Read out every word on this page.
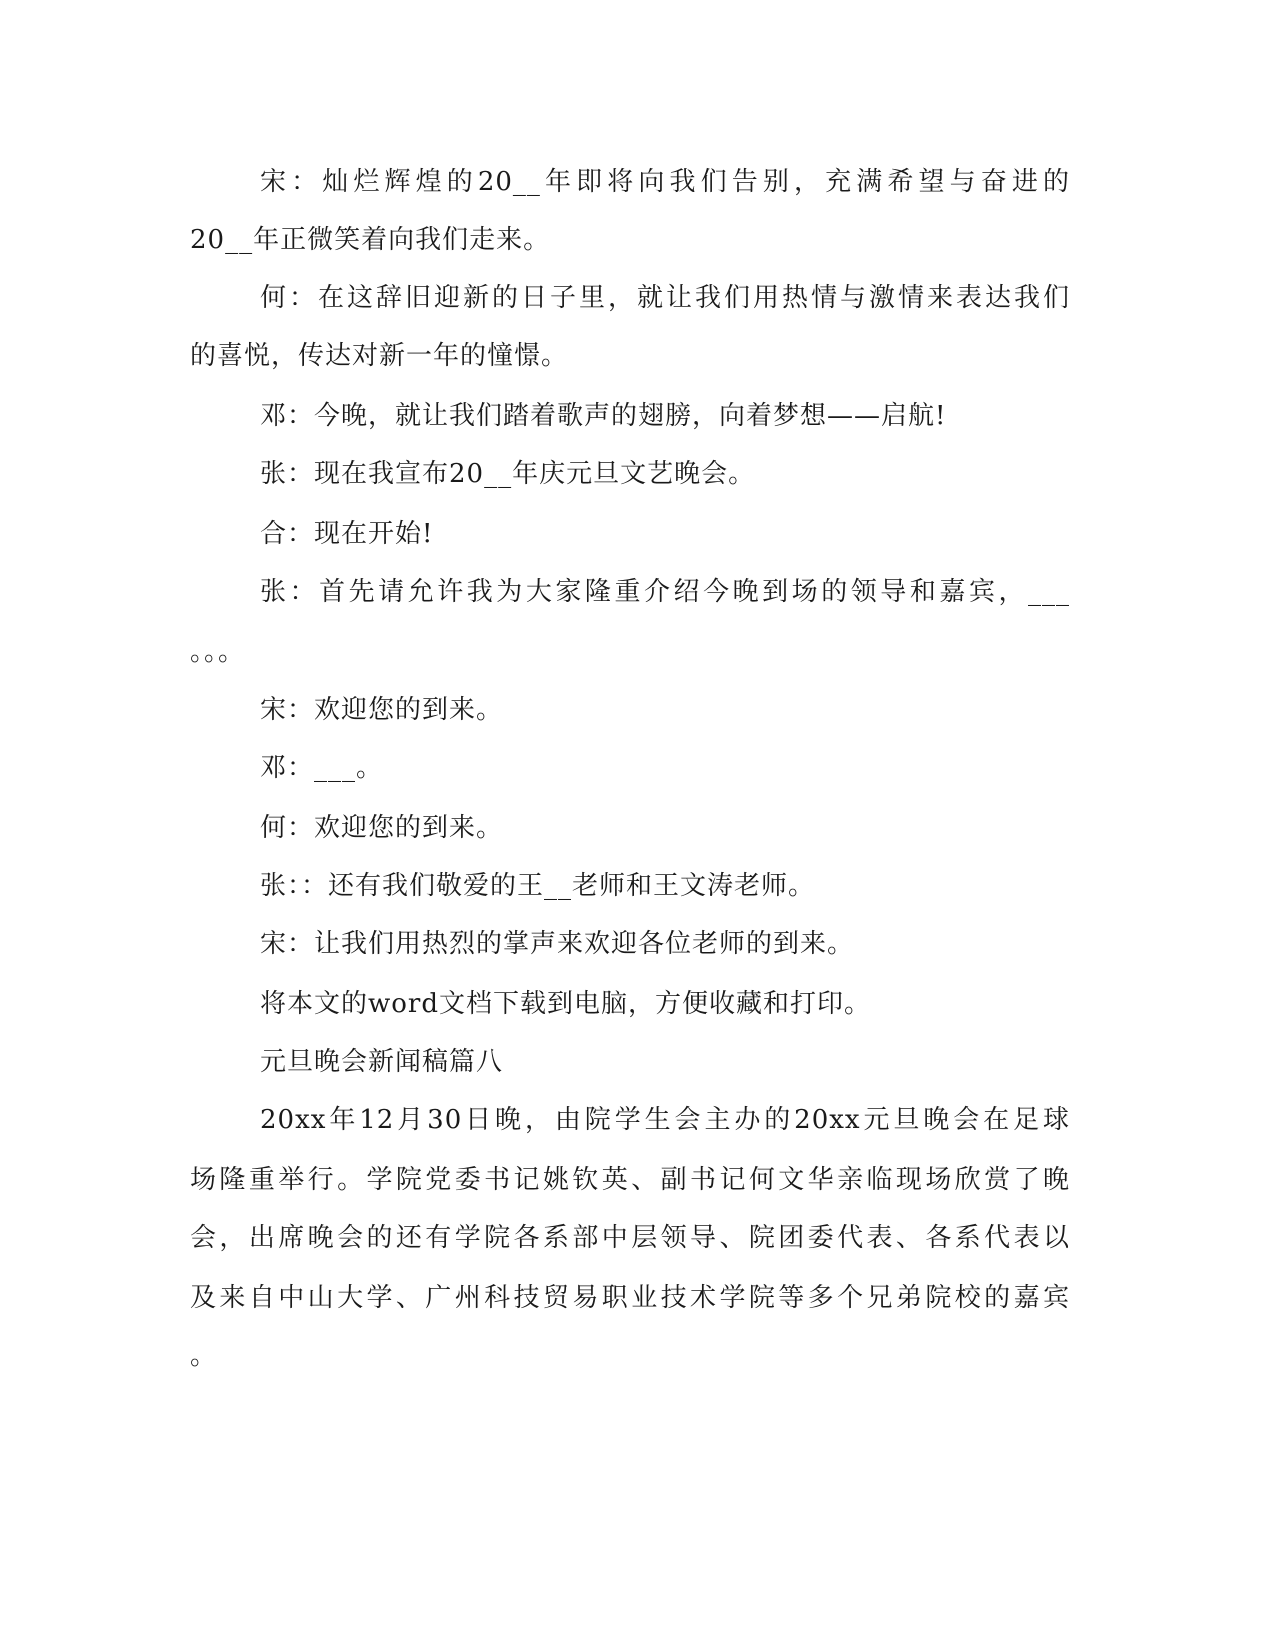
宋：灿烂辉煌的20__年即将向我们告别，充满希望与奋进的
20__年正微笑着向我们走来。
何：在这辞旧迎新的日子里，就让我们用热情与激情来表达我们
的喜悦，传达对新一年的憧憬。
邓：今晚，就让我们踏着歌声的翅膀，向着梦想——启航!
张：现在我宣布20__年庆元旦文艺晚会。
合：现在开始!
张：首先请允许我为大家隆重介绍今晚到场的领导和嘉宾，___
。。。
宋：欢迎您的到来。
邓：___。
何：欢迎您的到来。
张：：还有我们敬爱的王__老师和王文涛老师。
宋：让我们用热烈的掌声来欢迎各位老师的到来。
将本文的word文档下载到电脑，方便收藏和打印。
元旦晚会新闻稿篇八
20xx年12月30日晚，由院学生会主办的20xx元旦晚会在足球
场隆重举行。学院党委书记姚钦英、副书记何文华亲临现场欣赏了晚
会，出席晚会的还有学院各系部中层领导、院团委代表、各系代表以
及来自中山大学、广州科技贸易职业技术学院等多个兄弟院校的嘉宾
。
